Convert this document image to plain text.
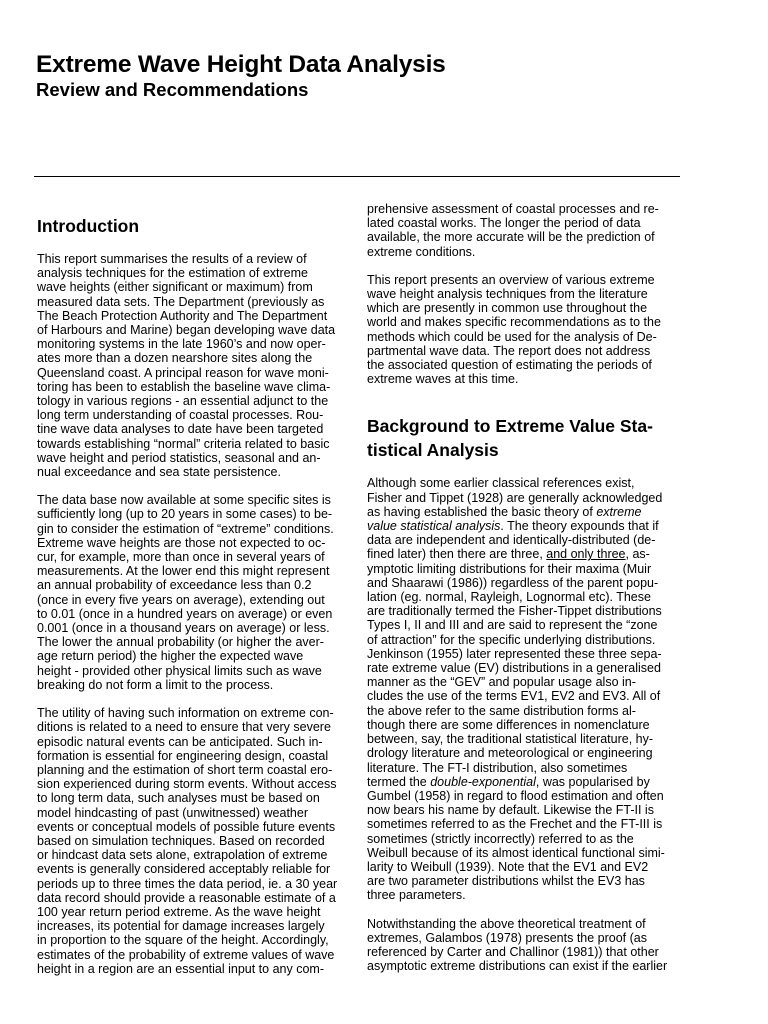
Extreme Wave Height Data Analysis
Review and Recommendations
Introduction

This report summarises the results of a review of
analysis techniques for the estimation of extreme
wave heights (either significant or maximum) from
measured data sets. The Department (previously as
The Beach Protection Authority and The Department
of Harbours and Marine) began developing wave data
monitoring systems in the late 1960’s and now oper-
ates more than a dozen nearshore sites along the
Queensland coast. A principal reason for wave moni-
toring has been to establish the baseline wave clima-
tology in various regions - an essential adjunct to the
long term understanding of coastal processes. Rou-
tine wave data analyses to date have been targeted
towards establishing “normal” criteria related to basic
wave height and period statistics, seasonal and an-
nual exceedance and sea state persistence.

The data base now available at some specific sites is
sufficiently long (up to 20 years in some cases) to be-
gin to consider the estimation of “extreme” conditions.
Extreme wave heights are those not expected to oc-
cur, for example, more than once in several years of
measurements. At the lower end this might represent
an annual probability of exceedance less than 0.2
(once in every five years on average), extending out
to 0.01 (once in a hundred years on average) or even
0.001 (once in a thousand years on average) or less.
The lower the annual probability (or higher the aver-
age return period) the higher the expected wave
height - provided other physical limits such as wave
breaking do not form a limit to the process.

The utility of having such information on extreme con-
ditions is related to a need to ensure that very severe
episodic natural events can be anticipated. Such in-
formation is essential for engineering design, coastal
planning and the estimation of short term coastal ero-
sion experienced during storm events. Without access
to long term data, such analyses must be based on
model hindcasting of past (unwitnessed) weather
events or conceptual models of possible future events
based on simulation techniques. Based on recorded
or hindcast data sets alone, extrapolation of extreme
events is generally considered acceptably reliable for
periods up to three times the data period, ie. a 30 year
data record should provide a reasonable estimate of a
100 year return period extreme. As the wave height
increases, its potential for damage increases largely
in proportion to the square of the height. Accordingly,
estimates of the probability of extreme values of wave
height in a region are an essential input to any com-

prehensive assessment of coastal processes and re-
lated coastal works. The longer the period of data
available, the more accurate will be the prediction of
extreme conditions.

This report presents an overview of various extreme
wave height analysis techniques from the literature
which are presently in common use throughout the
world and makes specific recommendations as to the
methods which could be used for the analysis of De-
partmental wave data. The report does not address
the associated question of estimating the periods of
extreme waves at this time.

Background to Extreme Value Sta-
tistical Analysis

Although some earlier classical references exist,
Fisher and Tippet (1928) are generally acknowledged
as having established the basic theory of extreme
value statistical analysis. The theory expounds that if
data are independent and identically-distributed (de-
fined later) then there are three, and only three, as-
ymptotic limiting distributions for their maxima (Muir
and Shaarawi (1986)) regardless of the parent popu-
lation (eg. normal, Rayleigh, Lognormal etc). These
are traditionally termed the Fisher-Tippet distributions
Types I, II and III and are said to represent the “zone
of attraction” for the specific underlying distributions.
Jenkinson (1955) later represented these three sepa-
rate extreme value (EV) distributions in a generalised
manner as the “GEV” and popular usage also in-
cludes the use of the terms EV1, EV2 and EV3. All of
the above refer to the same distribution forms al-
though there are some differences in nomenclature
between, say, the traditional statistical literature, hy-
drology literature and meteorological or engineering
literature. The FT-I distribution, also sometimes
termed the double-exponential, was popularised by
Gumbel (1958) in regard to flood estimation and often
now bears his name by default. Likewise the FT-II is
sometimes referred to as the Frechet and the FT-III is
sometimes (strictly incorrectly) referred to as the
Weibull because of its almost identical functional simi-
larity to Weibull (1939). Note that the EV1 and EV2
are two parameter distributions whilst the EV3 has
three parameters.

Notwithstanding the above theoretical treatment of
extremes, Galambos (1978) presents the proof (as
referenced by Carter and Challinor (1981)) that other
asymptotic extreme distributions can exist if the earlier
